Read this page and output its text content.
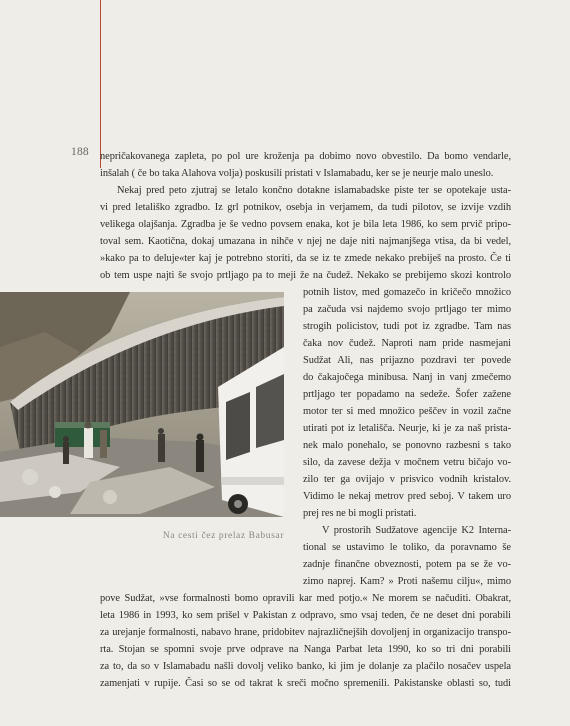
188 nepričakovanega zapleta, po pol ure kroženja pa dobimo novo obvestilo. Da bomo vendarle,
inšalah ( če bo taka Alahova volja) poskusili pristati v Islamabadu, ker se je neurje malo uneslo.
Nekaj pred peto zjutraj se letalo končno dotakne islamabadske piste ter se opotekaje usta-
vi pred letališko zgradbo. Iz grl potnikov, osebja in verjamem, da tudi pilotov, se izvije vzdih
velikega olajšanja. Zgradba je še vedno povsem enaka, kot je bila leta 1986, ko sem prvič pripo-
toval sem. Kaotična, dokaj umazana in nihče v njej ne daje niti najmanjšega vtisa, da bi vedel,
»kako pa to deluje«ter kaj je potrebno storiti, da se iz te zmede nekako prebiješ na prosto. Če ti
ob tem uspe najti še svojo prtljago pa to meji že na čudež. Nekako se prebijemo skozi kontrolo
Na cesti čez prelaz Babusar
potnih listov, med gomazečo in kričečo množico
pa začuda vsi najdemo svojo prtljago ter mimo
strogih policistov, tudi pot iz zgradbe. Tam nas
čaka nov čudež. Naproti nam pride nasmejani
Sudžat Ali, nas prijazno pozdravi ter povede
do čakajočega minibusa. Nanj in vanj zmečemo
prtljago ter popadamo na sedeže. Šofer zažene
motor ter si med množico peščev in vozil začne
utirati pot iz letališča. Neurje, ki je za naš pristа-
nek malo ponehalo, se ponovno razbesni s tako
silo, da zavese dežja v močnem vetru bičajo vo-
zilo ter ga ovijajo v prisvico vodnih kristalov.
Vidimo le nekaj metrov pred seboj. V takem uro
prej res ne bi mogli pristati.
V prostorih Sudžatove agencije K2 Interna-
tional se ustavimo le toliko, da poravnamo še
zadnje finančne obveznosti, potem pa se že vo-
zimo naprej. Kam? » Proti našemu cilju«, mimo
pove Sudžat, »vse formalnosti bomo opravili kar med potjo.« Ne morem se načuditi. Obakrat,
leta 1986 in 1993, ko sem prišel v Pakistan z odpravo, smo vsaj teden, če ne deset dni porabili
za urejanje formalnosti, nabavo hrane, pridobitev najrazličnejših dovoljenj in organizacijo transpo-
rta. Stojan se spomni svoje prve odprave na Nanga Parbat leta 1990, ko so tri dni porabili
za to, da so v Islamabadu našli dovolj veliko banko, ki jim je dolanje za plačilo nosačev uspela
zamenjati v rupije. Časi so se od takrat k sreči močno spremenili. Pakistanske oblasti so, tudi
